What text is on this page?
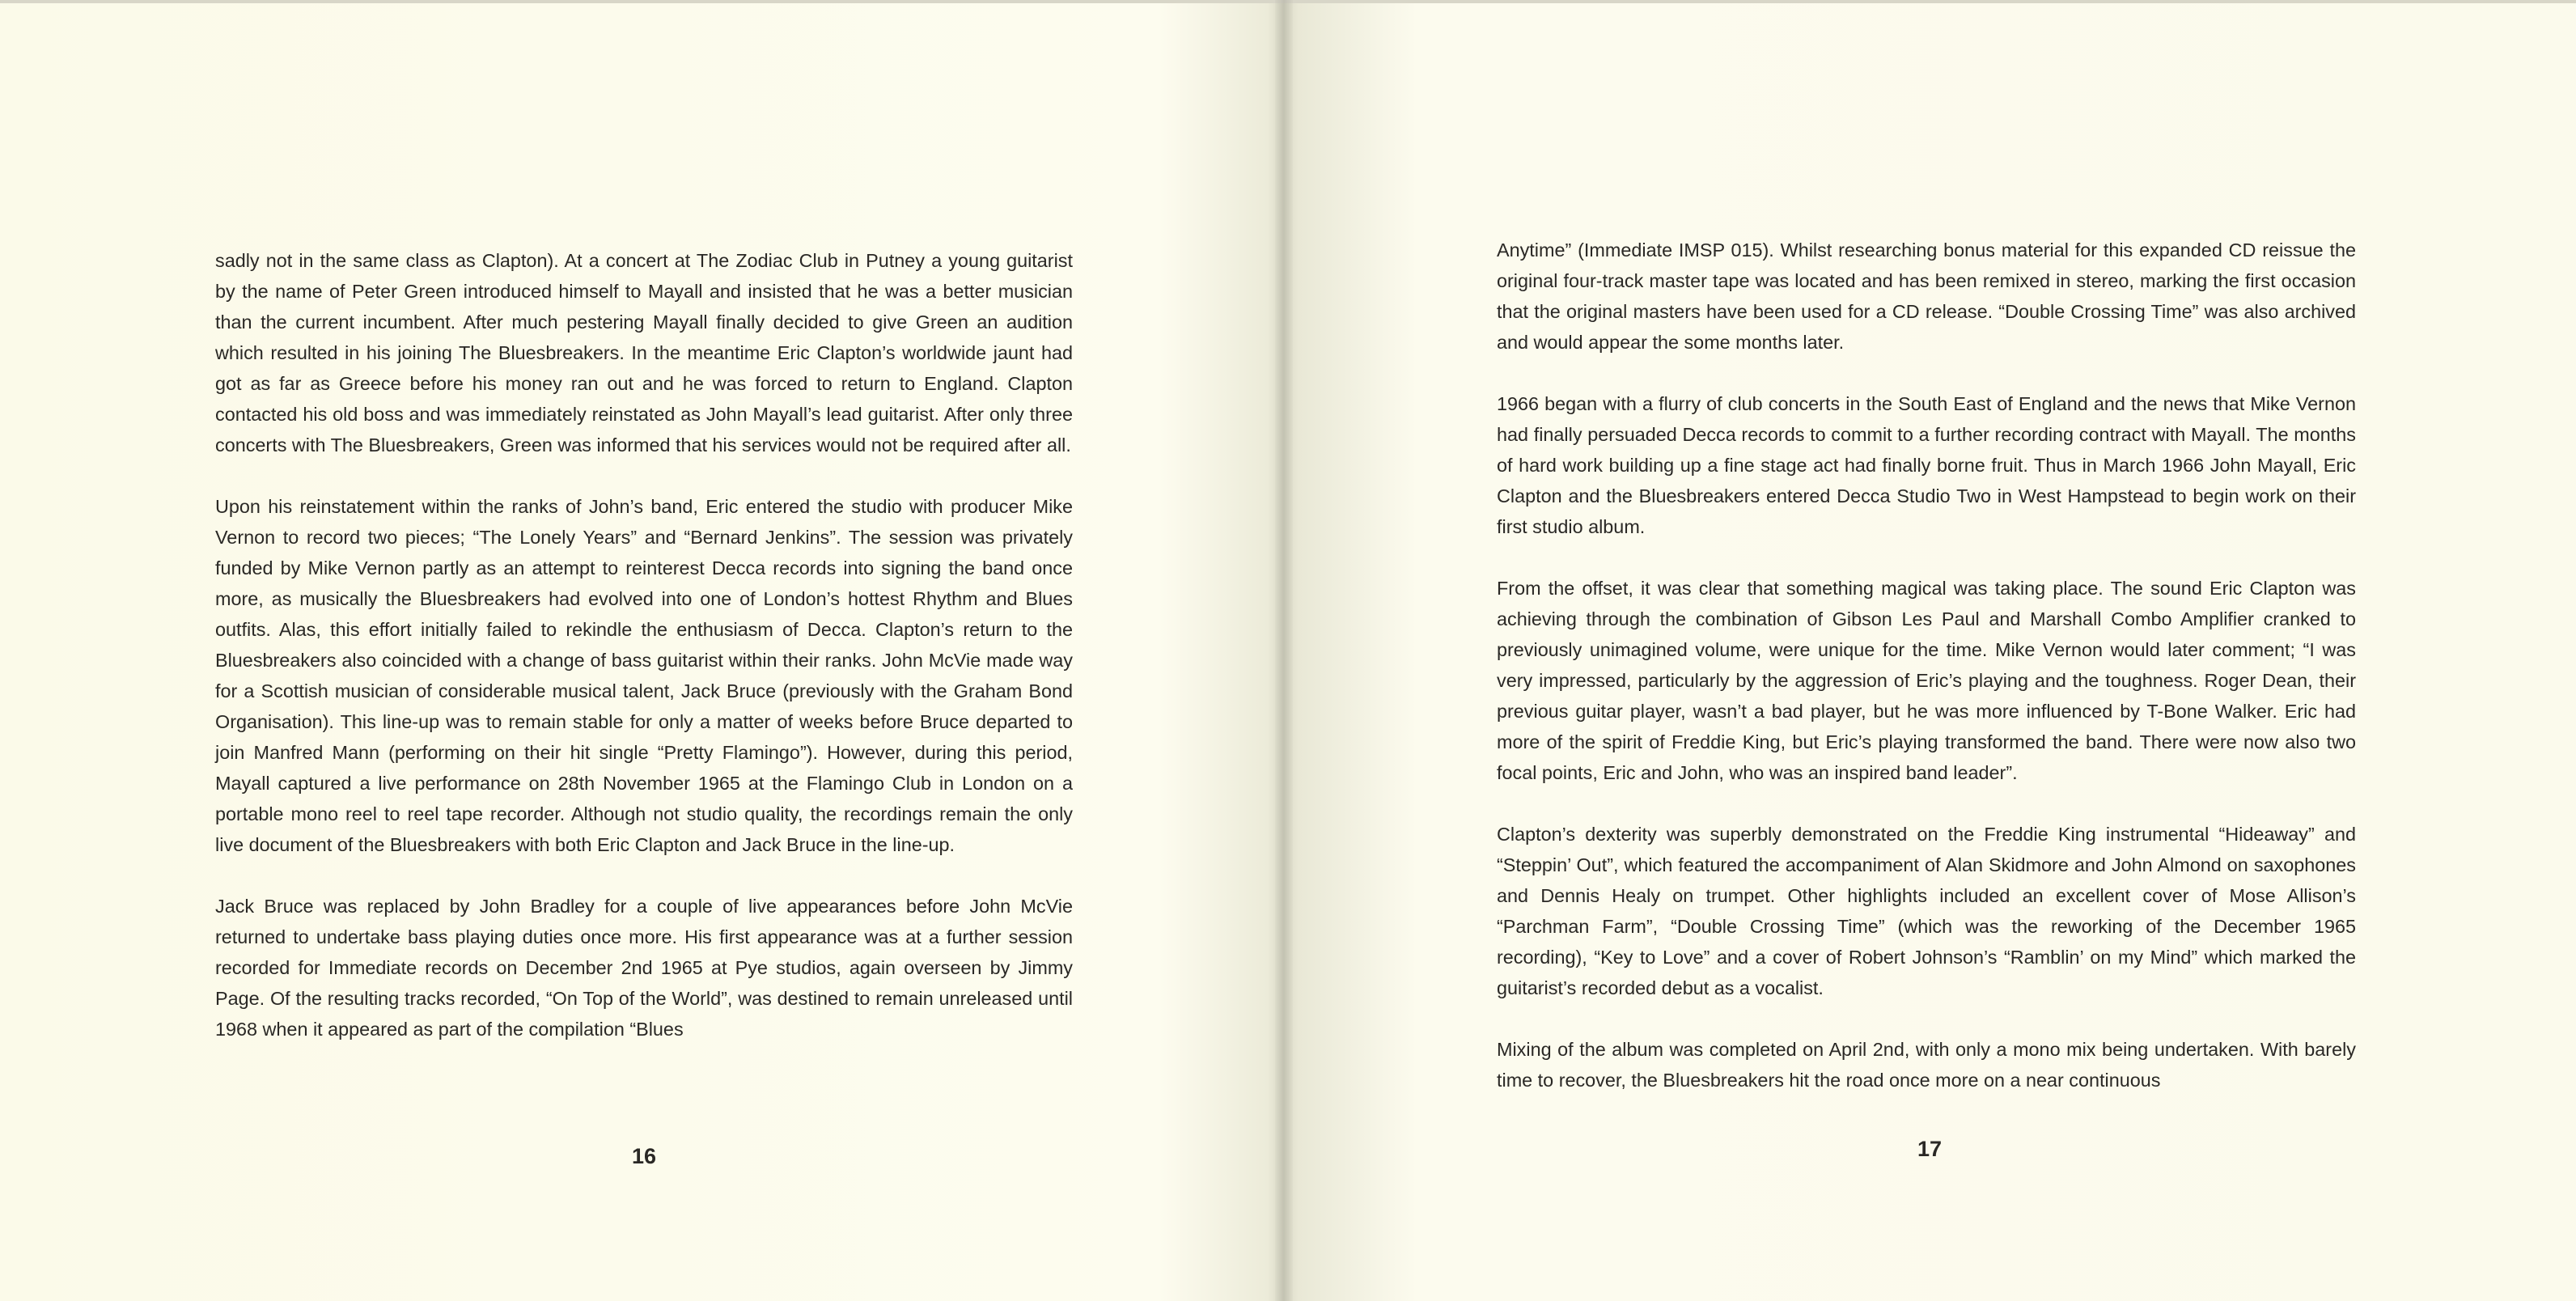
sadly not in the same class as Clapton). At a concert at The Zodiac Club in Putney a young guitarist by the name of Peter Green introduced himself to Mayall and insisted that he was a better musician than the current incumbent. After much pestering Mayall finally decided to give Green an audition which resulted in his joining The Bluesbreakers. In the meantime Eric Clapton’s worldwide jaunt had got as far as Greece before his money ran out and he was forced to return to England. Clapton contacted his old boss and was immediately reinstated as John Mayall’s lead guitarist. After only three concerts with The Bluesbreakers, Green was informed that his services would not be required after all.

Upon his reinstatement within the ranks of John’s band, Eric entered the studio with producer Mike Vernon to record two pieces; “The Lonely Years” and “Bernard Jenkins”. The session was privately funded by Mike Vernon partly as an attempt to reinterest Decca records into signing the band once more, as musically the Bluesbreakers had evolved into one of London’s hottest Rhythm and Blues outfits. Alas, this effort initially failed to rekindle the enthusiasm of Decca. Clapton’s return to the Bluesbreakers also coincided with a change of bass guitarist within their ranks. John McVie made way for a Scottish musician of considerable musical talent, Jack Bruce (previously with the Graham Bond Organisation). This line-up was to remain stable for only a matter of weeks before Bruce departed to join Manfred Mann (performing on their hit single “Pretty Flamingo”). However, during this period, Mayall captured a live performance on 28th November 1965 at the Flamingo Club in London on a portable mono reel to reel tape recorder. Although not studio quality, the recordings remain the only live document of the Bluesbreakers with both Eric Clapton and Jack Bruce in the line-up.

Jack Bruce was replaced by John Bradley for a couple of live appearances before John McVie returned to undertake bass playing duties once more. His first appearance was at a further session recorded for Immediate records on December 2nd 1965 at Pye studios, again overseen by Jimmy Page. Of the resulting tracks recorded, “On Top of the World”, was destined to remain unreleased until 1968 when it appeared as part of the compilation “Blues

16

Anytime” (Immediate IMSP 015). Whilst researching bonus material for this expanded CD reissue the original four-track master tape was located and has been remixed in stereo, marking the first occasion that the original masters have been used for a CD release. “Double Crossing Time” was also archived and would appear the some months later.

1966 began with a flurry of club concerts in the South East of England and the news that Mike Vernon had finally persuaded Decca records to commit to a further recording contract with Mayall. The months of hard work building up a fine stage act had finally borne fruit. Thus in March 1966 John Mayall, Eric Clapton and the Bluesbreakers entered Decca Studio Two in West Hampstead to begin work on their first studio album.

From the offset, it was clear that something magical was taking place. The sound Eric Clapton was achieving through the combination of Gibson Les Paul and Marshall Combo Amplifier cranked to previously unimagined volume, were unique for the time. Mike Vernon would later comment; “I was very impressed, particularly by the aggression of Eric’s playing and the toughness. Roger Dean, their previous guitar player, wasn’t a bad player, but he was more influenced by T-Bone Walker. Eric had more of the spirit of Freddie King, but Eric’s playing transformed the band. There were now also two focal points, Eric and John, who was an inspired band leader”.

Clapton’s dexterity was superbly demonstrated on the Freddie King instrumental “Hideaway” and “Steppin’ Out”, which featured the accompaniment of Alan Skidmore and John Almond on saxophones and Dennis Healy on trumpet. Other highlights included an excellent cover of Mose Allison’s “Parchman Farm”, “Double Crossing Time” (which was the reworking of the December 1965 recording), “Key to Love” and a cover of Robert Johnson’s “Ramblin’ on my Mind” which marked the guitarist’s recorded debut as a vocalist.

Mixing of the album was completed on April 2nd, with only a mono mix being undertaken. With barely time to recover, the Bluesbreakers hit the road once more on a near continuous

17
